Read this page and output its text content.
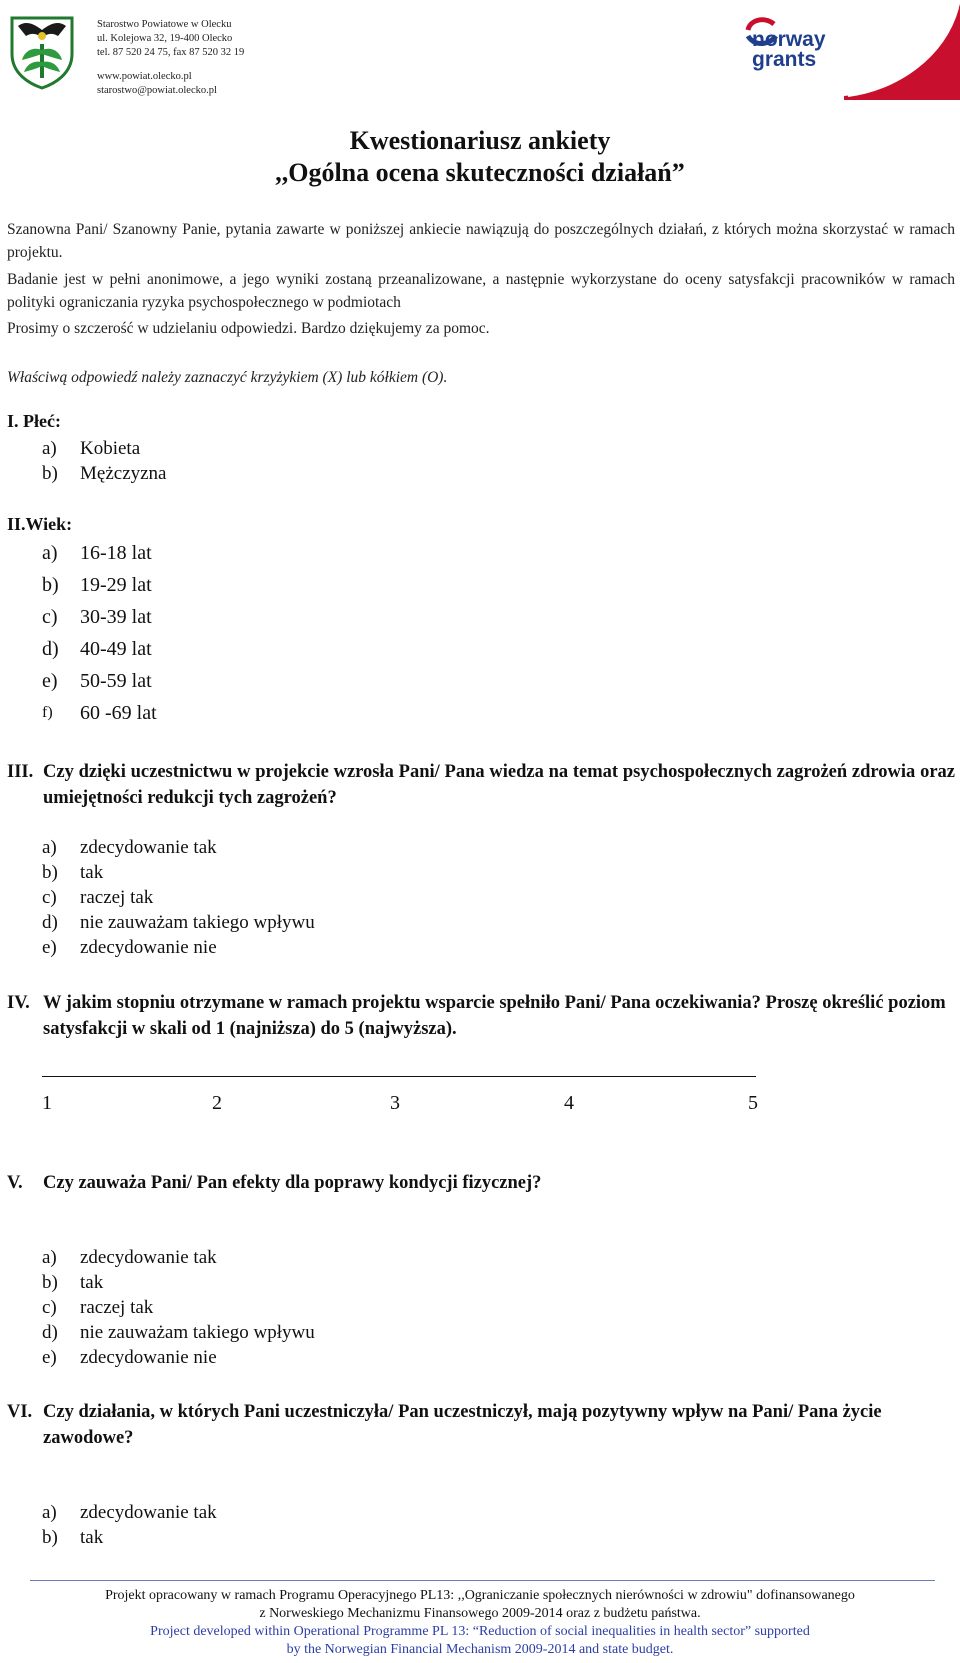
Starostwo Powiatowe w Olecku
ul. Kolejowa 32, 19-400 Olecko
tel. 87 520 24 75, fax 87 520 32 19
www.powiat.olecko.pl
starostwo@powiat.olecko.pl
norway
grants
Kwestionariusz ankiety
,,Ogólna ocena skuteczności działań”
Szanowna Pani/ Szanowny Panie, pytania zawarte w poniższej ankiecie nawiązują do poszczególnych działań, z których można skorzystać w ramach projektu.
Badanie jest w pełni anonimowe, a jego wyniki zostaną przeanalizowane, a następnie wykorzystane do oceny satysfakcji pracowników w ramach polityki ograniczania ryzyka psychospołecznego w podmiotach
Prosimy o szczerość w udzielaniu odpowiedzi. Bardzo dziękujemy za pomoc.
Właściwą odpowiedź należy zaznaczyć krzyżykiem (X) lub kółkiem (O).
I. Płeć:
a)	Kobieta
b)	Mężczyzna
II.Wiek:
a)	16-18 lat
b)	19-29 lat
c)	30-39 lat
d)	40-49 lat
e)	50-59 lat
f)	60 -69 lat
III. Czy dzięki uczestnictwu w projekcie wzrosła Pani/ Pana wiedza na temat psychospołecznych zagrożeń zdrowia oraz umiejętności redukcji tych zagrożeń?
a)	zdecydowanie tak
b)	tak
c)	raczej tak
d)	nie zauważam takiego wpływu
e)	zdecydowanie nie
IV. W jakim stopniu otrzymane w ramach projektu wsparcie spełniło Pani/ Pana oczekiwania? Proszę określić poziom satysfakcji w skali od 1 (najniższa) do 5 (najwyższa).
1	2	3	4	5
V. Czy zauważa Pani/ Pan efekty dla poprawy kondycji fizycznej?
a)	zdecydowanie tak
b)	tak
c)	raczej tak
d)	nie zauważam takiego wpływu
e)	zdecydowanie nie
VI. Czy działania, w których Pani uczestniczyła/ Pan uczestniczył, mają pozytywny wpływ na Pani/ Pana życie zawodowe?
a)	zdecydowanie tak
b)	tak
Projekt opracowany w ramach Programu Operacyjnego PL13: ,,Ograniczanie społecznych nierówności w zdrowiu" dofinansowanego
z Norweskiego Mechanizmu Finansowego 2009-2014 oraz z budżetu państwa.
Project developed within Operational Programme PL 13: “Reduction of social inequalities in health sector” supported
by the Norwegian Financial Mechanism 2009-2014 and state budget.
